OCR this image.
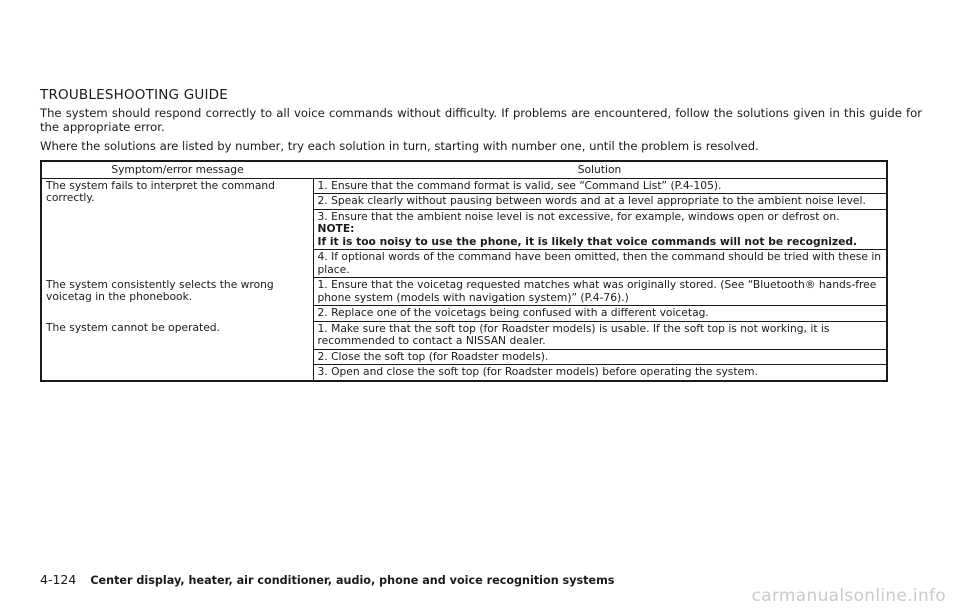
TROUBLESHOOTING GUIDE

The system should respond correctly to all voice commands without difficulty. If problems are encountered, follow the solutions given in this guide for the appropriate error.

Where the solutions are listed by number, try each solution in turn, starting with number one, until the problem is resolved.

Symptom/error message	Solution
The system fails to interpret the command correctly.	1. Ensure that the command format is valid, see “Command List” (P.4-105).
	2. Speak clearly without pausing between words and at a level appropriate to the ambient noise level.
	3. Ensure that the ambient noise level is not excessive, for example, windows open or defrost on.
NOTE:
If it is too noisy to use the phone, it is likely that voice commands will not be recognized.

	4. If optional words of the command have been omitted, then the command should be tried with these in place.
The system consistently selects the wrong voicetag in the phonebook.	1. Ensure that the voicetag requested matches what was originally stored. (See “Bluetooth® hands-free phone system (models with navigation system)” (P.4-76).)
	2. Replace one of the voicetags being confused with a different voicetag.
The system cannot be operated.	1. Make sure that the soft top (for Roadster models) is usable. If the soft top is not working, it is recommended to contact a NISSAN dealer.
	2. Close the soft top (for Roadster models).
	3. Open and close the soft top (for Roadster models) before operating the system.
4-124 Center display, heater, air conditioner, audio, phone and voice recognition systems
carmanualsonline.info
